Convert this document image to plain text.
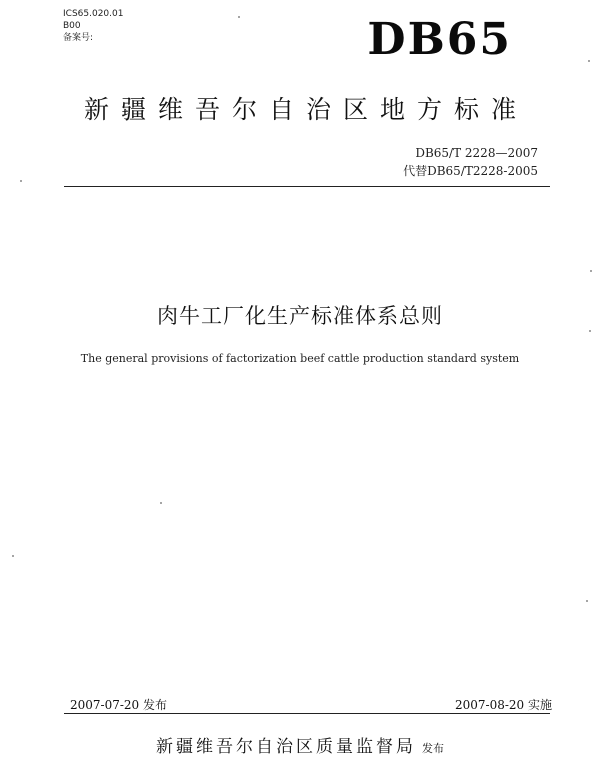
ICS65.020.01
B00
备案号:	DB65
新疆维吾尔自治区地方标准
DB65/T 2228—2007
代替DB65/T2228-2005
肉牛工厂化生产标准体系总则
The general provisions of factorization beef cattle production standard system
2007-07-20 发布	2007-08-20 实施
新疆维吾尔自治区质量监督局 发布
